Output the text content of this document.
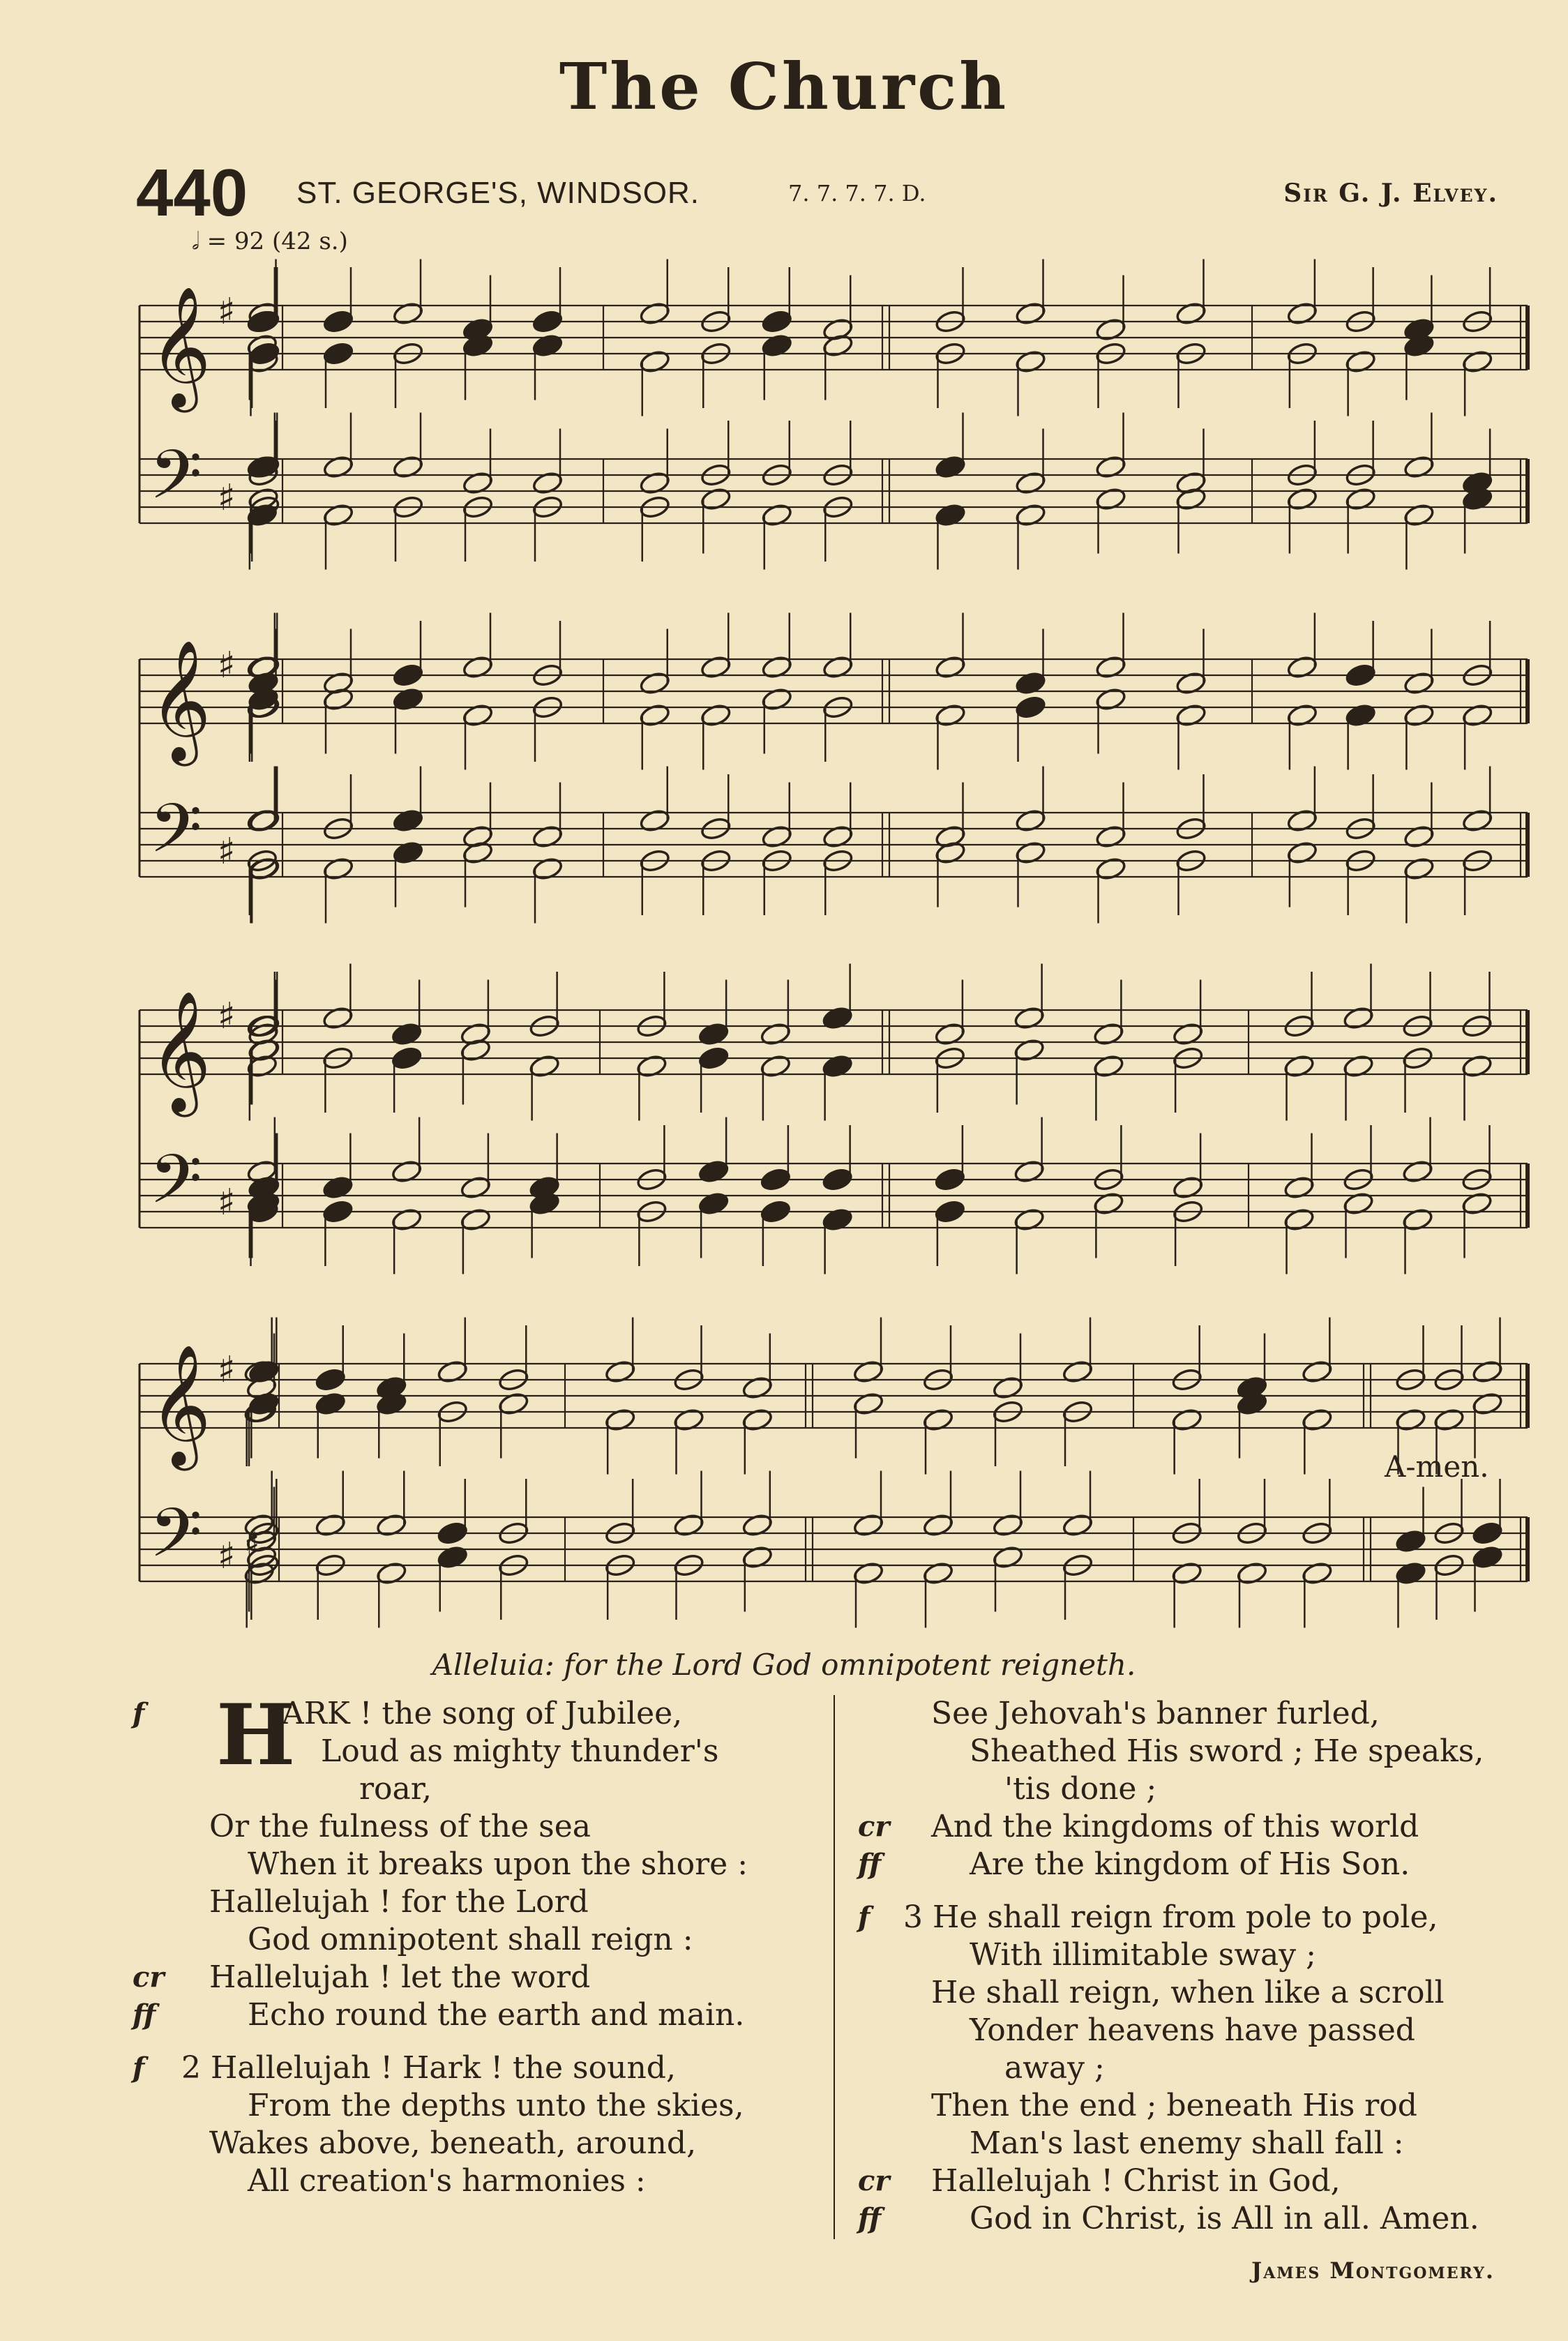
The Church
440 ST. GEORGE'S, WINDSOR.	7. 7. 7. 7. D.	Sir G. J. Elvey.
𝅗𝅥 = 92 (42 s.)
𝄞
𝄢
♯
♯
𝄞
𝄢
♯
♯
𝄞
𝄢
♯
♯
𝄞
𝄢
♯
♯ ♯
A-men.
Alleluia: for the Lord God omnipotent reigneth.
H
ARK ! the song of Jubilee,
f
Loud as mighty thunder's
roar,
Or the fulness of the sea
When it breaks upon the shore :
Hallelujah ! for the Lord
God omnipotent shall reign :
Hallelujah ! let the word
cr
Echo round the earth and main.
ff
2 Hallelujah ! Hark ! the sound,
f
From the depths unto the skies,
Wakes above, beneath, around,
All creation's harmonies :
See Jehovah's banner furled,
Sheathed His sword ; He speaks,
'tis done ;
And the kingdoms of this world
cr
Are the kingdom of His Son.
ff
3 He shall reign from pole to pole,
f
With illimitable sway ;
He shall reign, when like a scroll
Yonder heavens have passed
away ;
Then the end ; beneath His rod
Man's last enemy shall fall :
Hallelujah ! Christ in God,
cr
God in Christ, is All in all. Amen.
ff
James Montgomery.
